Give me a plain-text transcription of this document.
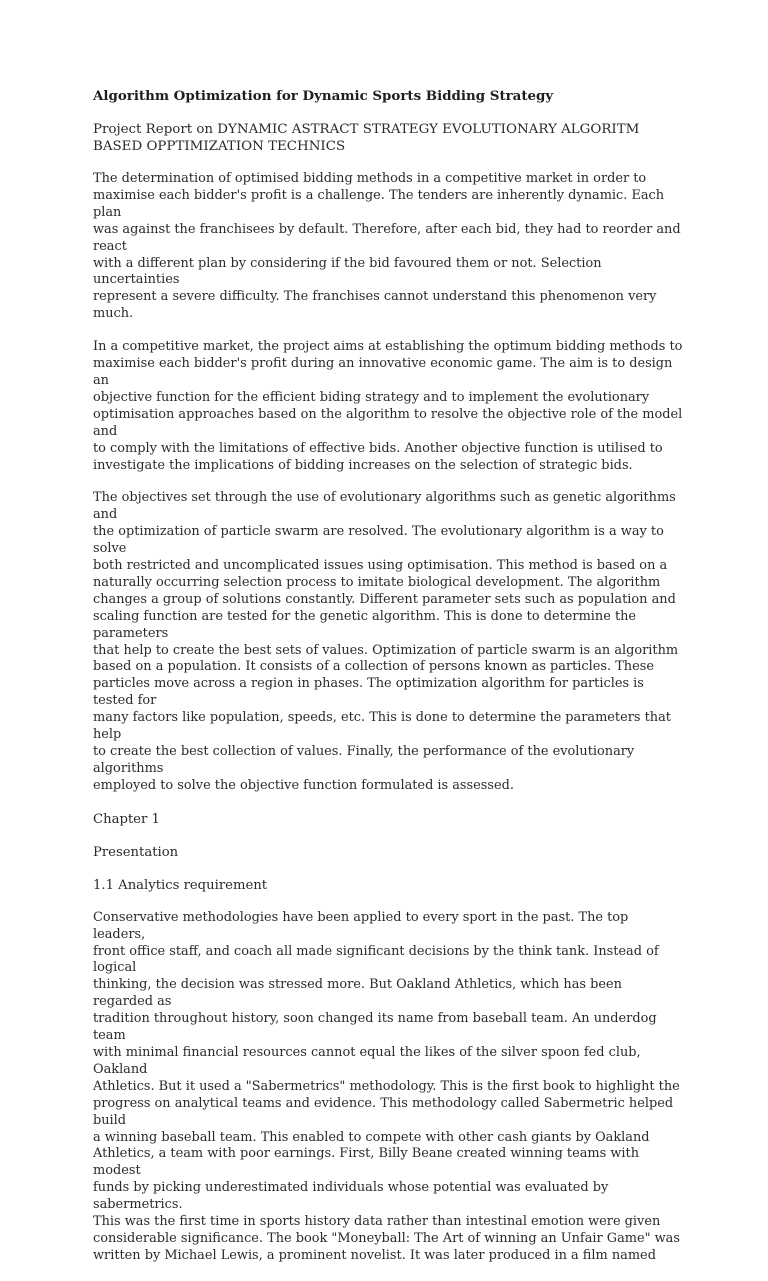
Algorithm Optimization for Dynamic Sports Bidding Strategy
Project Report on DYNAMIC ASTRACT STRATEGY EVOLUTIONARY ALGORITM
BASED OPPTIMIZATION TECHNICS
The determination of optimised bidding methods in a competitive market in order to
maximise each bidder's profit is a challenge. The tenders are inherently dynamic. Each plan
was against the franchisees by default. Therefore, after each bid, they had to reorder and react
with a different plan by considering if the bid favoured them or not. Selection uncertainties
represent a severe difficulty. The franchises cannot understand this phenomenon very much.
In a competitive market, the project aims at establishing the optimum bidding methods to
maximise each bidder's profit during an innovative economic game. The aim is to design an
objective function for the efficient biding strategy and to implement the evolutionary
optimisation approaches based on the algorithm to resolve the objective role of the model and
to comply with the limitations of effective bids. Another objective function is utilised to
investigate the implications of bidding increases on the selection of strategic bids.
The objectives set through the use of evolutionary algorithms such as genetic algorithms and
the optimization of particle swarm are resolved. The evolutionary algorithm is a way to solve
both restricted and uncomplicated issues using optimisation. This method is based on a
naturally occurring selection process to imitate biological development. The algorithm
changes a group of solutions constantly. Different parameter sets such as population and
scaling function are tested for the genetic algorithm. This is done to determine the parameters
that help to create the best sets of values. Optimization of particle swarm is an algorithm
based on a population. It consists of a collection of persons known as particles. These
particles move across a region in phases. The optimization algorithm for particles is tested for
many factors like population, speeds, etc. This is done to determine the parameters that help
to create the best collection of values. Finally, the performance of the evolutionary algorithms
employed to solve the objective function formulated is assessed.
Chapter 1
Presentation
1.1 Analytics requirement
Conservative methodologies have been applied to every sport in the past. The top leaders,
front office staff, and coach all made significant decisions by the think tank. Instead of logical
thinking, the decision was stressed more. But Oakland Athletics, which has been regarded as
tradition throughout history, soon changed its name from baseball team. An underdog team
with minimal financial resources cannot equal the likes of the silver spoon fed club, Oakland
Athletics. But it used a "Sabermetrics" methodology. This is the first book to highlight the
progress on analytical teams and evidence. This methodology called Sabermetric helped build
a winning baseball team. This enabled to compete with other cash giants by Oakland
Athletics, a team with poor earnings. First, Billy Beane created winning teams with modest
funds by picking underestimated individuals whose potential was evaluated by sabermetrics.
This was the first time in sports history data rather than intestinal emotion were given
considerable significance. The book "Moneyball: The Art of winning an Unfair Game" was
written by Michael Lewis, a prominent novelist. It was later produced in a film named
